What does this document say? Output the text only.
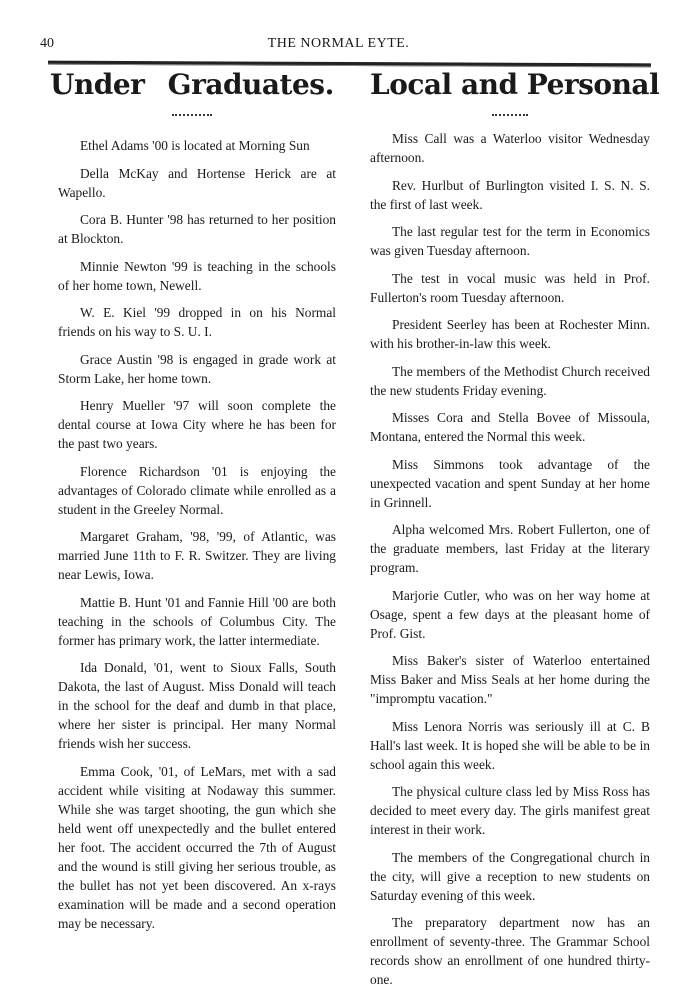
40	THE NORMAL EYTE.
Under Graduates. Local and Personal

Ethel Adams '00 is located at Morning Sun

Della McKay and Hortense Herick are at Wapello.

Cora B. Hunter '98 has returned to her position at Blockton.

Minnie Newton '99 is teaching in the schools of her home town, Newell.

W. E. Kiel '99 dropped in on his Normal friends on his way to S. U. I.

Grace Austin '98 is engaged in grade work at Storm Lake, her home town.

Henry Mueller '97 will soon complete the dental course at Iowa City where he has been for the past two years.

Florence Richardson '01 is enjoying the advantages of Colorado climate while enrolled as a student in the Greeley Normal.

Margaret Graham, '98, '99, of Atlantic, was married June 11th to F. R. Switzer. They are living near Lewis, Iowa.

Mattie B. Hunt '01 and Fannie Hill '00 are both teaching in the schools of Columbus City. The former has primary work, the latter intermediate.

Ida Donald, '01, went to Sioux Falls, South Dakota, the last of August. Miss Donald will teach in the school for the deaf and dumb in that place, where her sister is principal. Her many Normal friends wish her success.

Emma Cook, '01, of LeMars, met with a sad accident while visiting at Nodaway this summer. While she was target shooting, the gun which she held went off unexpectedly and the bullet entered her foot. The accident occurred the 7th of August and the wound is still giving her serious trouble, as the bullet has not yet been discovered. An x-rays examination will be made and a second operation may be necessary.

Miss Call was a Waterloo visitor Wednesday afternoon.

Rev. Hurlbut of Burlington visited I. S. N. S. the first of last week.

The last regular test for the term in Economics was given Tuesday afternoon.

The test in vocal music was held in Prof. Fullerton's room Tuesday afternoon.

President Seerley has been at Rochester Minn. with his brother-in-law this week.

The members of the Methodist Church received the new students Friday evening.

Misses Cora and Stella Bovee of Missoula, Montana, entered the Normal this week.

Miss Simmons took advantage of the unexpected vacation and spent Sunday at her home in Grinnell.

Alpha welcomed Mrs. Robert Fullerton, one of the graduate members, last Friday at the literary program.

Marjorie Cutler, who was on her way home at Osage, spent a few days at the pleasant home of Prof. Gist.

Miss Baker's sister of Waterloo entertained Miss Baker and Miss Seals at her home during the "impromptu vacation."

Miss Lenora Norris was seriously ill at C. B Hall's last week. It is hoped she will be able to be in school again this week.

The physical culture class led by Miss Ross has decided to meet every day. The girls manifest great interest in their work.

The members of the Congregational church in the city, will give a reception to new students on Saturday evening of this week.

The preparatory department now has an enrollment of seventy-three. The Grammar School records show an enrollment of one hundred thirty-one.
